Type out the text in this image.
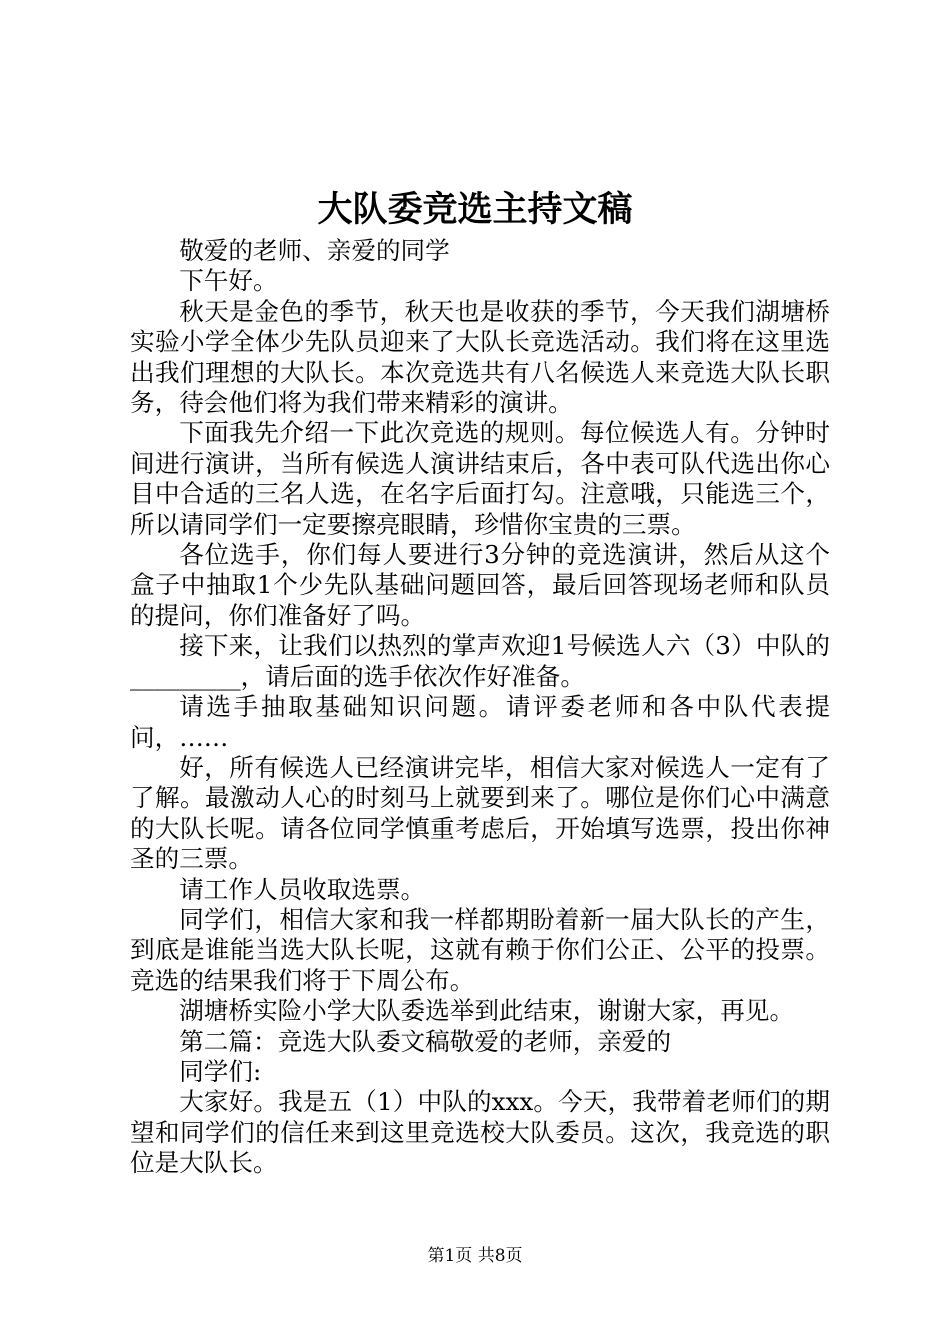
大队委竞选主持文稿

敬爱的老师、亲爱的同学

下午好。

秋天是金色的季节，秋天也是收获的季节，今天我们湖塘桥实验小学全体少先队员迎来了大队长竞选活动。我们将在这里选出我们理想的大队长。本次竞选共有八名候选人来竞选大队长职务，待会他们将为我们带来精彩的演讲。

下面我先介绍一下此次竞选的规则。每位候选人有。分钟时间进行演讲，当所有候选人演讲结束后，各中表可队代选出你心目中合适的三名人选，在名字后面打勾。注意哦，只能选三个，所以请同学们一定要擦亮眼睛，珍惜你宝贵的三票。

各位选手，你们每人要进行3分钟的竞选演讲，然后从这个盒子中抽取1个少先队基础问题回答，最后回答现场老师和队员的提问，你们准备好了吗。

接下来，让我们以热烈的掌声欢迎1号候选人六（3）中队的_________，请后面的选手依次作好准备。

请选手抽取基础知识问题。请评委老师和各中队代表提问，……

好，所有候选人已经演讲完毕，相信大家对候选人一定有了了解。最激动人心的时刻马上就要到来了。哪位是你们心中满意的大队长呢。请各位同学慎重考虑后，开始填写选票，投出你神圣的三票。

请工作人员收取选票。

同学们，相信大家和我一样都期盼着新一届大队长的产生，到底是谁能当选大队长呢，这就有赖于你们公正、公平的投票。竞选的结果我们将于下周公布。

湖塘桥实险小学大队委选举到此结束，谢谢大家，再见。

第二篇：竞选大队委文稿敬爱的老师，亲爱的

同学们:

大家好。我是五（1）中队的xxx。今天，我带着老师们的期望和同学们的信任来到这里竞选校大队委员。这次，我竞选的职位是大队长。

第1页 共8页
